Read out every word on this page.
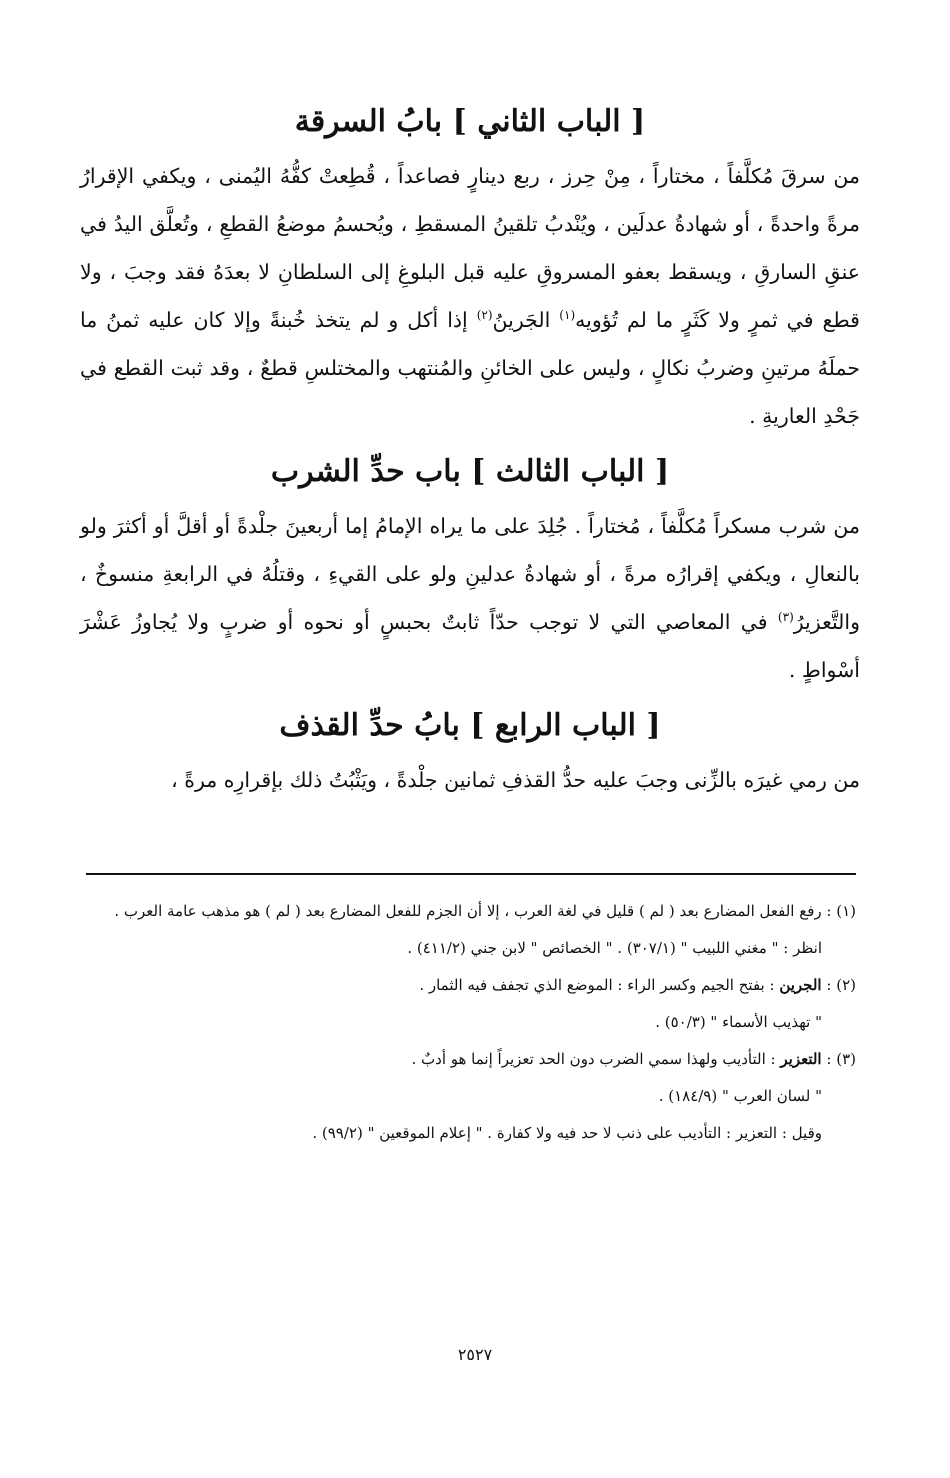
[ الباب الثاني ] بابُ السرقة

من سرقَ مُكلَّفاً ، مختاراً ، مِنْ حِرز ، ربع دينارٍ فصاعداً ، قُطِعتْ كفُّهُ اليُمنى ، ويكفي الإقرارُ مرةً واحدةً ، أو شهادةُ عدلَين ، ويُنْدبُ تلقينُ المسقطِ ، ويُحسمُ موضعُ القطعِ ، وتُعلَّق اليدُ في عنقِ السارقِ ، ويسقط بعفو المسروقِ عليه قبل البلوغِ إلى السلطانِ لا بعدَهُ فقد وجبَ ، ولا قطع في ثمرٍ ولا كَثَرٍ ما لم تُؤويه$^{(١)}$ الجَرينُ$^{(٢)}$ إذا أكل و لم يتخذ خُبنةً وإلا كان عليه ثمنُ ما حملَهُ مرتينِ وضربُ نكالٍ ، وليس على الخائنِ والمُنتهب والمختلسِ قطعٌ ، وقد ثبت القطع في جَحْدِ العاريةِ .

[ الباب الثالث ] باب حدِّ الشرب

من شرب مسكراً مُكلَّفاً ، مُختاراً . جُلِدَ على ما يراه الإمامُ إما أربعينَ جلْدةً أو أقلَّ أو أكثرَ ولو بالنعالِ ، ويكفي إقرارُه مرةً ، أو شهادةُ عدلينِ ولو على القيءِ ، وقتلُهُ في الرابعةِ منسوخٌ ، والتَّعزيرُ$^{(٣)}$ في المعاصي التي لا توجب حدّاً ثابتٌ بحبسٍ أو نحوه أو ضربٍ ولا يُجاوزُ عَشْرَ أسْواطٍ .

[ الباب الرابع ] بابُ حدِّ القذف

من رمي غيرَه بالزِّنى وجبَ عليه حدُّ القذفِ ثمانين جلْدةً ، ويَثْبُتُ ذلك بإقرارِه مرةً ،

(١) : رفع الفعل المضارع بعد ( لم ) قليل في لغة العرب ، إلا أن الجزم للفعل المضارع بعد ( لم ) هو مذهب عامة العرب .

انظر : " مغني اللبيب " (٣٠٧/١) . " الخصائص " لابن جني (٤١١/٢) .

(٢) : الجرين : بفتح الجيم وكسر الراء : الموضع الذي تجفف فيه الثمار .

" تهذيب الأسماء " (٥٠/٣) .

(٣) : التعزير : التأديب ولهذا سمي الضرب دون الحد تعزيراً إنما هو أدبٌ .

" لسان العرب " (١٨٤/٩) .

وقيل : التعزير : التأديب على ذنب لا حد فيه ولا كفارة . " إعلام الموقعين " (٩٩/٢) .

٢٥٢٧
